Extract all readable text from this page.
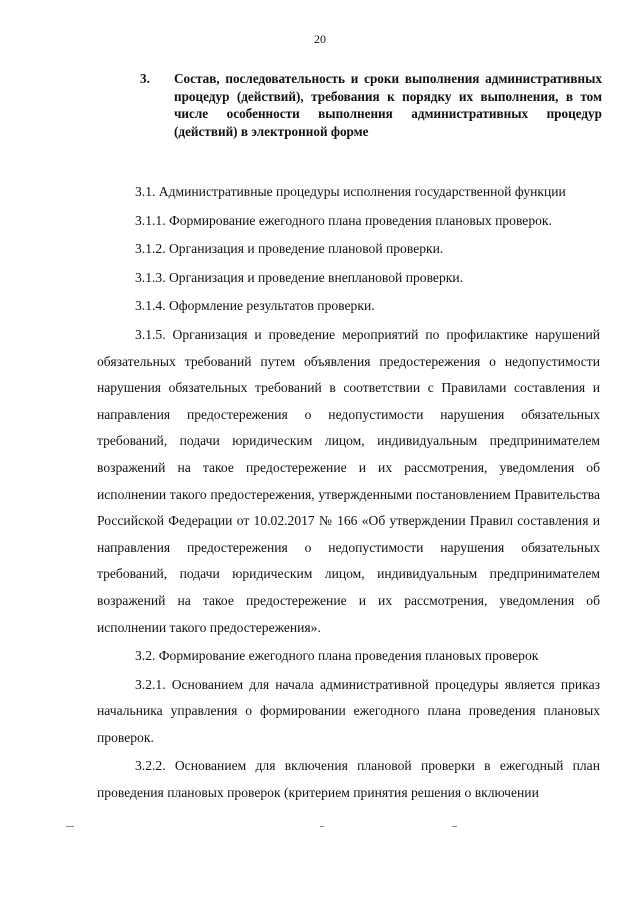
20
3. Состав, последовательность и сроки выполнения административных процедур (действий), требования к порядку их выполнения, в том числе особенности выполнения административных процедур (действий) в электронной форме

3.1. Административные процедуры исполнения государственной функции

3.1.1. Формирование ежегодного плана проведения плановых проверок.

3.1.2. Организация и проведение плановой проверки.

3.1.3. Организация и проведение внеплановой проверки.

3.1.4. Оформление результатов проверки.

3.1.5. Организация и проведение мероприятий по профилактике нарушений обязательных требований путем объявления предостережения о недопустимости нарушения обязательных требований в соответствии с Правилами составления и направления предостережения о недопустимости нарушения обязательных требований, подачи юридическим лицом, индивидуальным предпринимателем возражений на такое предостережение и их рассмотрения, уведомления об исполнении такого предостережения, утвержденными постановлением Правительства Российской Федерации от 10.02.2017 № 166 «Об утверждении Правил составления и направления предостережения о недопустимости нарушения обязательных требований, подачи юридическим лицом, индивидуальным предпринимателем возражений на такое предостережение и их рассмотрения, уведомления об исполнении такого предостережения».

3.2. Формирование ежегодного плана проведения плановых проверок

3.2.1. Основанием для начала административной процедуры является приказ начальника управления о формировании ежегодного плана проведения плановых проверок.

3.2.2. Основанием для включения плановой проверки в ежегодный план проведения плановых проверок (критерием принятия решения о включении
